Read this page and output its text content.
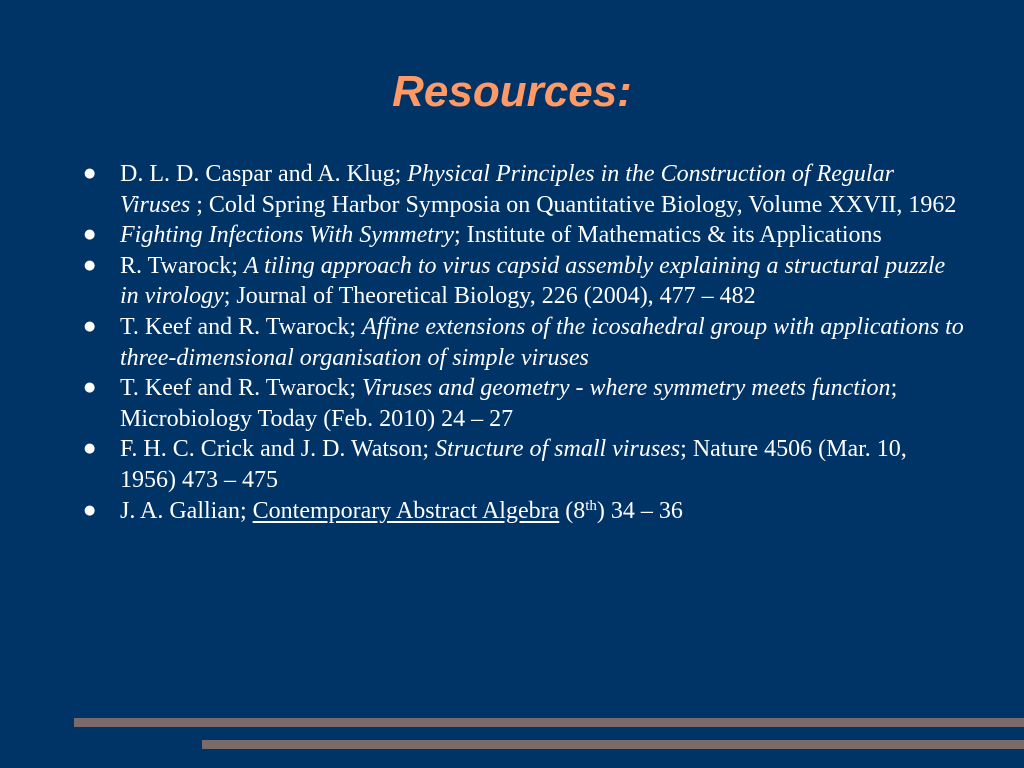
Resources:
● D. L. D. Caspar and A. Klug; Physical Principles in the Construction of Regular Viruses ; Cold Spring Harbor Symposia on Quantitative Biology, Volume XXVII, 1962
● Fighting Infections With Symmetry; Institute of Mathematics & its Applications
● R. Twarock; A tiling approach to virus capsid assembly explaining a structural puzzle in virology; Journal of Theoretical Biology, 226 (2004), 477 – 482
● T. Keef and R. Twarock; Affine extensions of the icosahedral group with applications to three-dimensional organisation of simple viruses
● T. Keef and R. Twarock; Viruses and geometry - where symmetry meets function; Microbiology Today (Feb. 2010) 24 – 27
● F. H. C. Crick and J. D. Watson; Structure of small viruses; Nature 4506 (Mar. 10, 1956) 473 – 475
● J. A. Gallian; Contemporary Abstract Algebra (8th) 34 – 36
